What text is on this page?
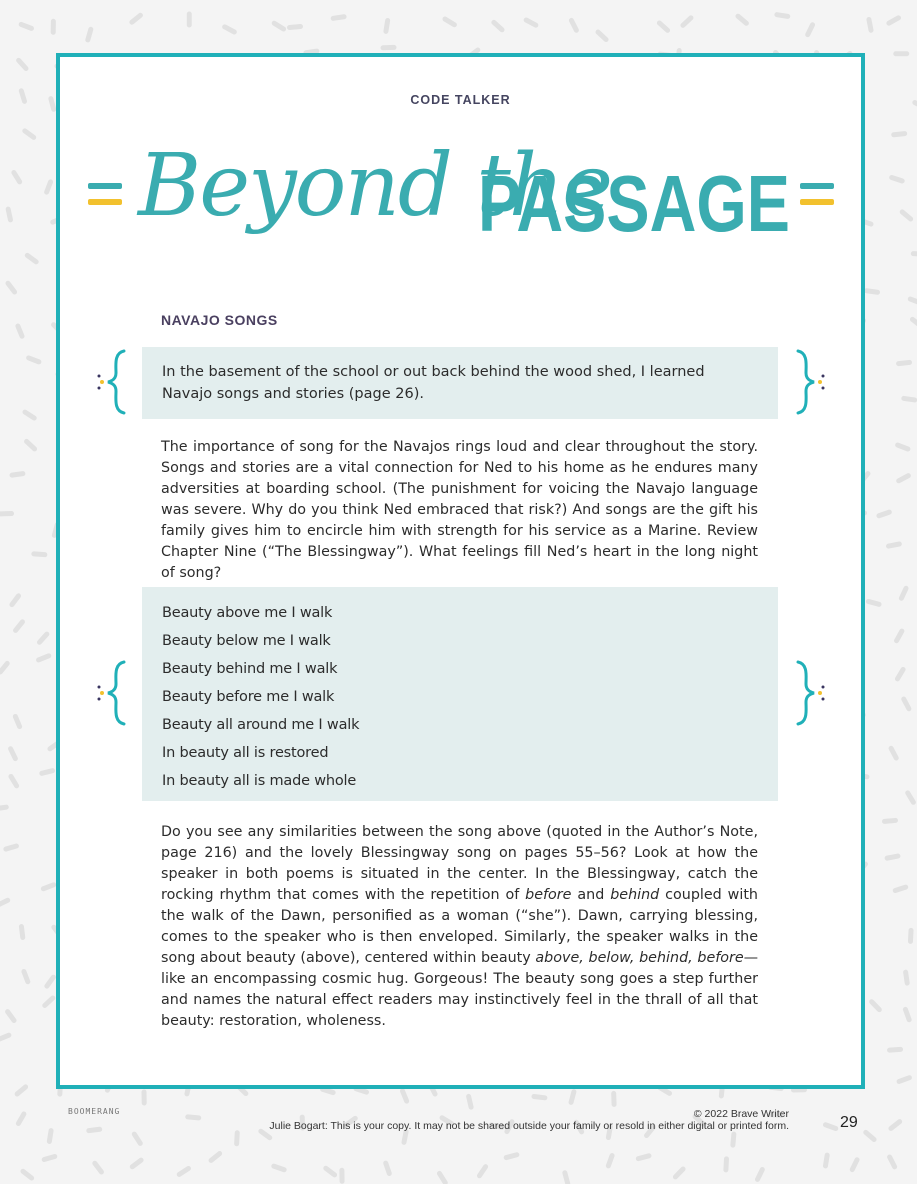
CODE TALKER
Beyond the
PASSAGE
NAVAJO SONGS
In the basement of the school or out back behind the wood shed, I learned Navajo songs and stories (page 26).
The importance of song for the Navajos rings loud and clear throughout the story. Songs and stories are a vital connection for Ned to his home as he endures many adversities at boarding school. (The punishment for voicing the Navajo language was severe. Why do you think Ned embraced that risk?) And songs are the gift his family gives him to encircle him with strength for his service as a Marine. Review Chapter Nine (“The Blessingway”). What feelings fill Ned’s heart in the long night of song?
Beauty above me I walk
Beauty below me I walk
Beauty behind me I walk
Beauty before me I walk
Beauty all around me I walk
In beauty all is restored
In beauty all is made whole
Do you see any similarities between the song above (quoted in the Author’s Note, page 216) and the lovely Blessingway song on pages 55–56? Look at how the speaker in both poems is situated in the center. In the Blessingway, catch the rocking rhythm that comes with the repetition of before and behind coupled with the walk of the Dawn, personified as a woman (“she”). Dawn, carrying blessing, comes to the speaker who is then enveloped. Similarly, the speaker walks in the song about beauty (above), centered within beauty above, below, behind, before— like an encompassing cosmic hug. Gorgeous! The beauty song goes a step further and names the natural effect readers may instinctively feel in the thrall of all that beauty: restoration, wholeness.
BOOMERANG	© 2022 Brave Writer
Julie Bogart: This is your copy. It may not be shared outside your family or resold in either digital or printed form.	29
